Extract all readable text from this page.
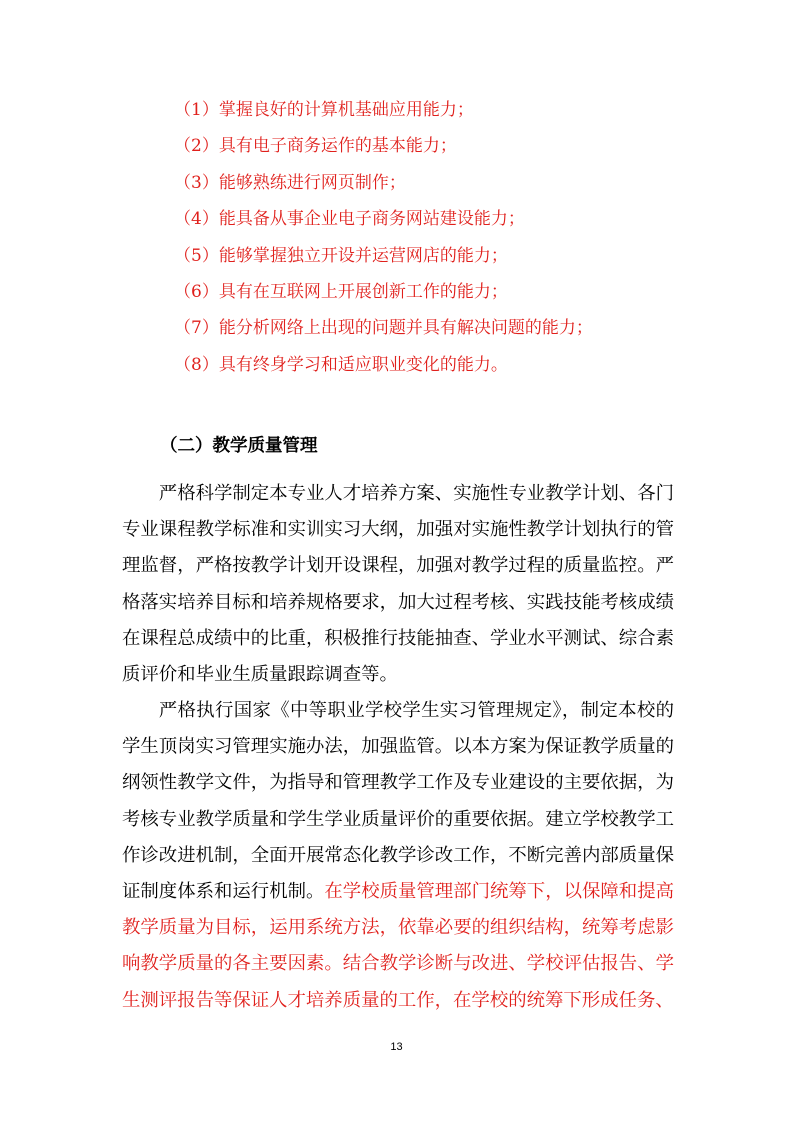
（1）掌握良好的计算机基础应用能力；
（2）具有电子商务运作的基本能力；
（3）能够熟练进行网页制作；
（4）能具备从事企业电子商务网站建设能力；
（5）能够掌握独立开设并运营网店的能力；
（6）具有在互联网上开展创新工作的能力；
（7）能分析网络上出现的问题并具有解决问题的能力；
（8）具有终身学习和适应职业变化的能力。
（二）教学质量管理

严格科学制定本专业人才培养方案、实施性专业教学计划、各门专业课程教学标准和实训实习大纲，加强对实施性教学计划执行的管理监督，严格按教学计划开设课程，加强对教学过程的质量监控。严格落实培养目标和培养规格要求，加大过程考核、实践技能考核成绩在课程总成绩中的比重，积极推行技能抽查、学业水平测试、综合素质评价和毕业生质量跟踪调查等。

严格执行国家《中等职业学校学生实习管理规定》，制定本校的学生顶岗实习管理实施办法，加强监管。以本方案为保证教学质量的纲领性教学文件，为指导和管理教学工作及专业建设的主要依据，为考核专业教学质量和学生学业质量评价的重要依据。建立学校教学工作诊改进机制，全面开展常态化教学诊改工作，不断完善内部质量保证制度体系和运行机制。在学校质量管理部门统筹下，以保障和提高教学质量为目标，运用系统方法，依靠必要的组织结构，统筹考虑影响教学质量的各主要因素。结合教学诊断与改进、学校评估报告、学生测评报告等保证人才培养质量的工作，在学校的统筹下形成任务、

13
